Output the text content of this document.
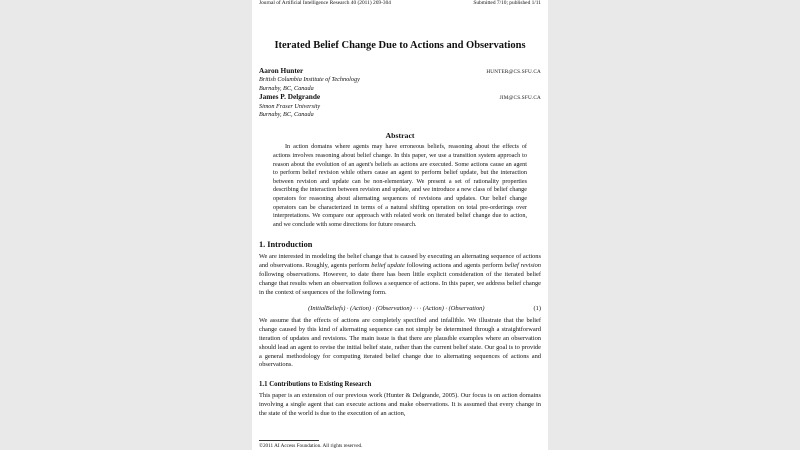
Journal of Artificial Intelligence Research 40 (2011) 269-304	Submitted 7/10; published 1/11
Iterated Belief Change Due to Actions and Observations
Aaron Hunter	HUNTER@CS.SFU.CA
British Columbia Institute of Technology
Burnaby, BC, Canada
James P. Delgrande	JIM@CS.SFU.CA
Simon Fraser University
Burnaby, BC, Canada
Abstract
In action domains where agents may have erroneous beliefs, reasoning about the effects of actions involves reasoning about belief change. In this paper, we use a transition system approach to reason about the evolution of an agent's beliefs as actions are executed. Some actions cause an agent to perform belief revision while others cause an agent to perform belief update, but the interaction between revision and update can be non-elementary. We present a set of rationality properties describing the interaction between revision and update, and we introduce a new class of belief change operators for reasoning about alternating sequences of revisions and updates. Our belief change operators can be characterized in terms of a natural shifting operation on total pre-orderings over interpretations. We compare our approach with related work on iterated belief change due to action, and we conclude with some directions for future research.
1. Introduction
We are interested in modeling the belief change that is caused by executing an alternating sequence of actions and observations. Roughly, agents perform belief update following actions and agents perform belief revision following observations. However, to date there has been little explicit consideration of the iterated belief change that results when an observation follows a sequence of actions. In this paper, we address belief change in the context of sequences of the following form.
(InitialBeliefs) · (Action) · (Observation) · · · (Action) · (Observation)	(1)
We assume that the effects of actions are completely specified and infallible. We illustrate that the belief change caused by this kind of alternating sequence can not simply be determined through a straightforward iteration of updates and revisions. The main issue is that there are plausible examples where an observation should lead an agent to revise the initial belief state, rather than the current belief state. Our goal is to provide a general methodology for computing iterated belief change due to alternating sequences of actions and observations.
1.1 Contributions to Existing Research
This paper is an extension of our previous work (Hunter & Delgrande, 2005). Our focus is on action domains involving a single agent that can execute actions and make observations. It is assumed that every change in the state of the world is due to the execution of an action,
©2011 AI Access Foundation. All rights reserved.
